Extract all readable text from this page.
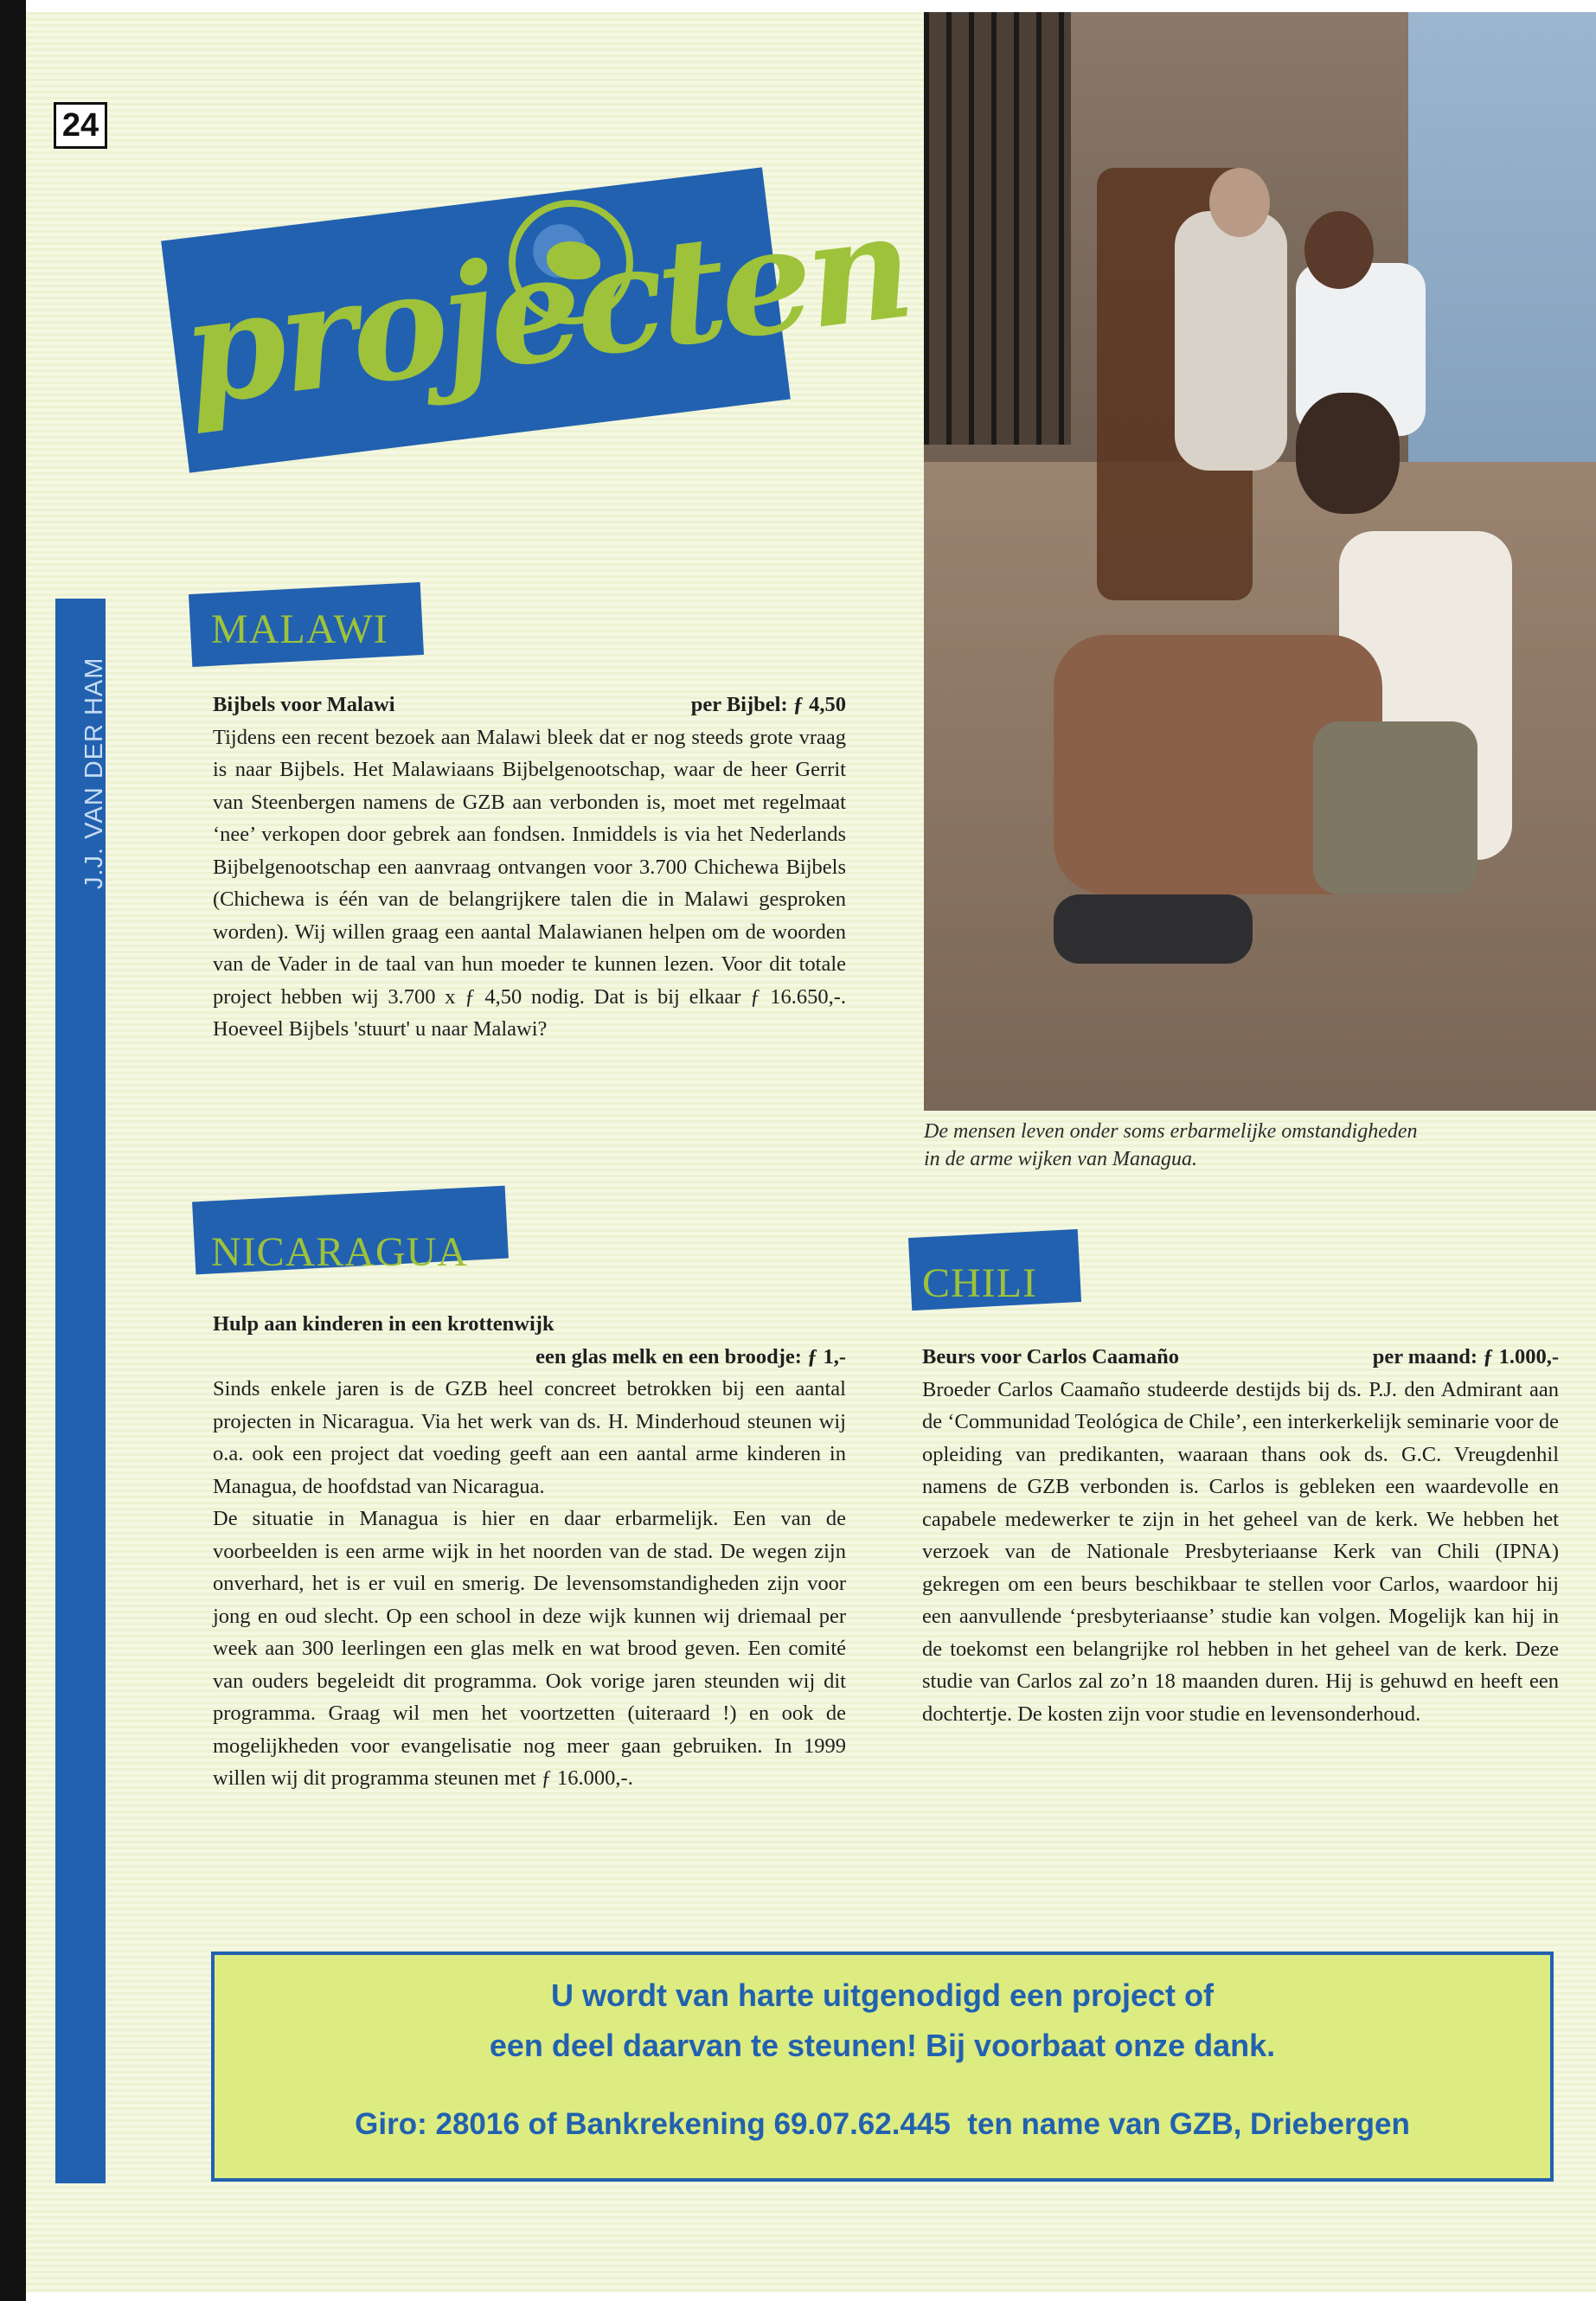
24
J.J. VAN DER HAM
projecten
De mensen leven onder soms erbarmelijke omstandigheden
in de arme wijken van Managua.
MALAWI
Bijbels voor Malawi	per Bijbel: ƒ 4,50

Tijdens een recent bezoek aan Malawi bleek dat er nog steeds grote vraag is naar Bijbels. Het Malawiaans Bijbelgenootschap, waar de heer Gerrit van Steenbergen namens de GZB aan verbonden is, moet met regelmaat ‘nee’ verkopen door gebrek aan fondsen. Inmiddels is via het Nederlands Bijbelgenootschap een aanvraag ontvangen voor 3.700 Chichewa Bijbels (Chichewa is één van de belangrijkere talen die in Malawi gesproken worden). Wij willen graag een aantal Malawianen helpen om de woorden van de Vader in de taal van hun moeder te kunnen lezen. Voor dit totale project hebben wij 3.700 x ƒ 4,50 nodig. Dat is bij elkaar ƒ 16.650,-. Hoeveel Bijbels 'stuurt' u naar Malawi?

NICARAGUA
Hulp aan kinderen in een krottenwijk
een glas melk en een broodje: ƒ 1,-

Sinds enkele jaren is de GZB heel concreet betrokken bij een aantal projecten in Nicaragua. Via het werk van ds. H. Minderhoud steunen wij o.a. ook een project dat voeding geeft aan een aantal arme kinderen in Managua, de hoofdstad van Nicaragua.

De situatie in Managua is hier en daar erbarmelijk. Een van de voorbeelden is een arme wijk in het noorden van de stad. De wegen zijn onverhard, het is er vuil en smerig. De levensomstandigheden zijn voor jong en oud slecht. Op een school in deze wijk kunnen wij driemaal per week aan 300 leerlingen een glas melk en wat brood geven. Een comité van ouders begeleidt dit programma. Ook vorige jaren steunden wij dit programma. Graag wil men het voortzetten (uiteraard !) en ook de mogelijkheden voor evangelisatie nog meer gaan gebruiken. In 1999 willen wij dit programma steunen met ƒ 16.000,-.

CHILI
Beurs voor Carlos Caamaño	per maand: ƒ 1.000,-

Broeder Carlos Caamaño studeerde destijds bij ds. P.J. den Admirant aan de ‘Communidad Teológica de Chile’, een interkerkelijk seminarie voor de opleiding van predikanten, waaraan thans ook ds. G.C. Vreugdenhil namens de GZB verbonden is. Carlos is gebleken een waardevolle en capabele medewerker te zijn in het geheel van de kerk. We hebben het verzoek van de Nationale Presbyteriaanse Kerk van Chili (IPNA) gekregen om een beurs beschikbaar te stellen voor Carlos, waardoor hij een aanvullende ‘presbyteriaanse’ studie kan volgen. Mogelijk kan hij in de toekomst een belangrijke rol hebben in het geheel van de kerk. Deze studie van Carlos zal zo’n 18 maanden duren. Hij is gehuwd en heeft een dochtertje. De kosten zijn voor studie en levensonderhoud.

U wordt van harte uitgenodigd een project of
een deel daarvan te steunen! Bij voorbaat onze dank.
Giro: 28016 of Bankrekening 69.07.62.445  ten name van GZB, Driebergen
